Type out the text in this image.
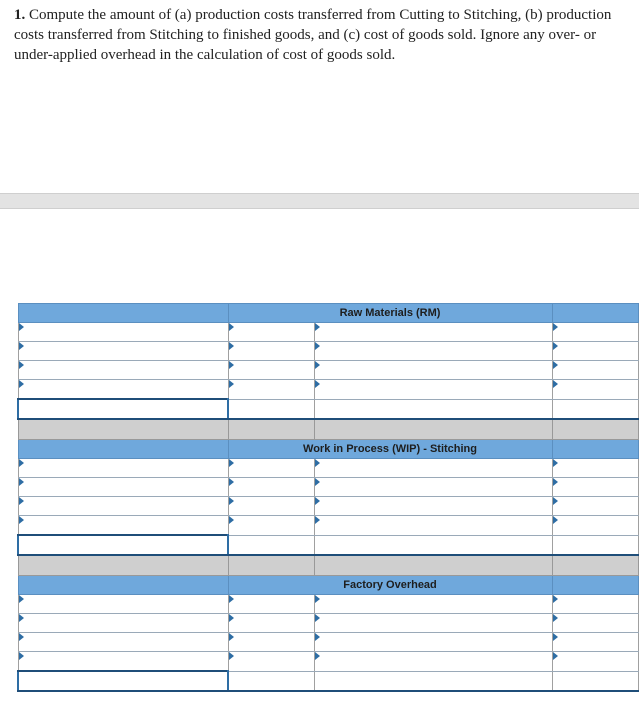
1. Compute the amount of (a) production costs transferred from Cutting to Stitching, (b) production costs transferred from Stitching to finished goods, and (c) cost of goods sold. Ignore any over- or under-applied overhead in the calculation of cost of goods sold.
	Raw Materials (RM)		

	Work in Process (WIP) - Stitching		

	Factory Overhead		
